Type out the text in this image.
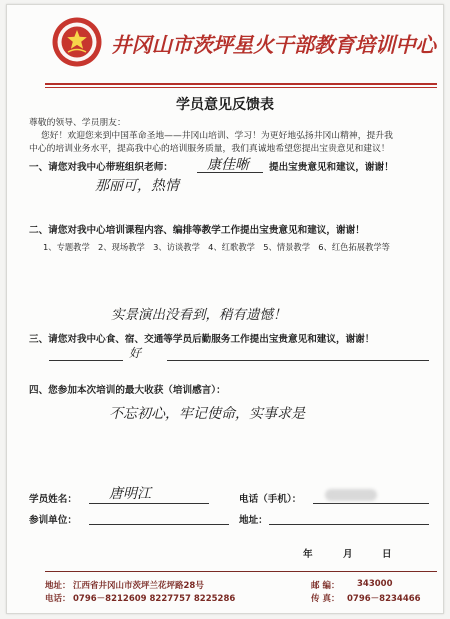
井冈山市茨坪星火干部教育培训中心
学员意见反馈表
尊敬的领导、学员朋友：
您好！欢迎您来到中国革命圣地——井冈山培训、学习！为更好地弘扬井冈山精神，提升我
中心的培训业务水平，提高我中心的培训服务质量，我们真诚地希望您提出宝贵意见和建议！
一、请您对我中心带班组织老师： 康佳晰 提出宝贵意见和建议，谢谢！
那丽可，热情
二、请您对我中心培训课程内容、编排等教学工作提出宝贵意见和建议，谢谢！
1、专题教学　2、现场教学　3、访谈教学　4、红歌教学　5、情景教学　6、红色拓展教学等
实景演出没看到，稍有遗憾！
三、请您对我中心食、宿、交通等学员后勤服务工作提出宝贵意见和建议，谢谢！
好
四、您参加本次培训的最大收获（培训感言）：
不忘初心，牢记使命，实事求是
学员姓名： 唐明江	电话（手机）：
参训单位：	地址：
年	月	日
地址： 江西省井冈山市茨坪兰花坪路28号	邮 编： 343000
电话： 0796－8212609 8227757 8225286	传 真： 0796－8234466
